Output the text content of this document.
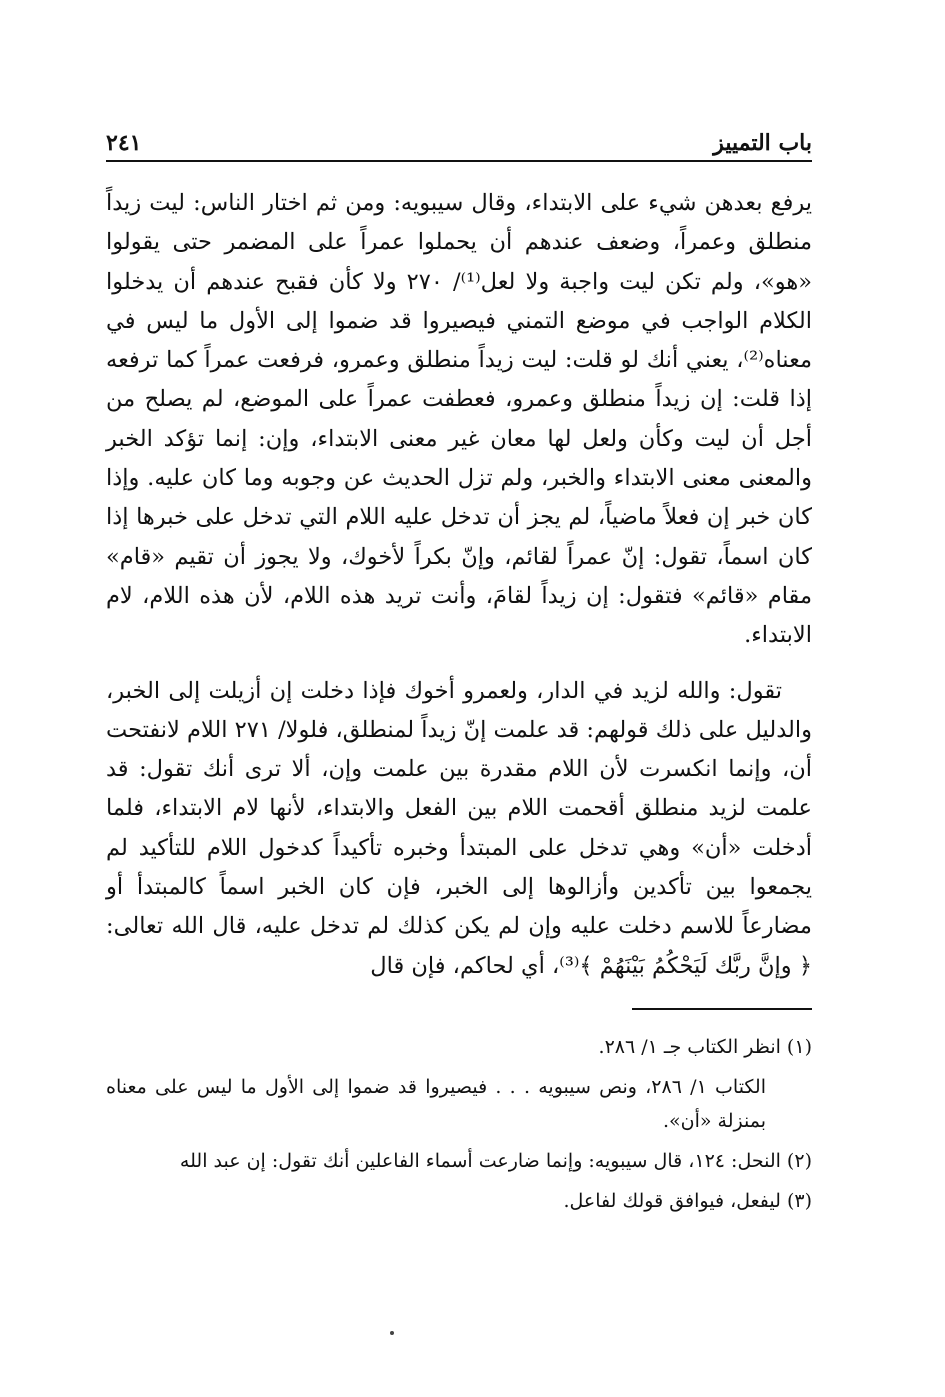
باب التمييز
٢٤١

يرفع بعدهن شيء على الابتداء، وقال سيبويه: ومن ثم اختار الناس: ليت زيداً منطلق وعمراً، وضعف عندهم أن يحملوا عمراً على المضمر حتى يقولوا «هو»، ولم تكن ليت واجبة ولا لعل⁽¹⁾/ ٢٧٠ ولا كأن فقبح عندهم أن يدخلوا الكلام الواجب في موضع التمني فيصيروا قد ضموا إلى الأول ما ليس في معناه⁽²⁾، يعني أنك لو قلت: ليت زيداً منطلق وعمرو، فرفعت عمراً كما ترفعه إذا قلت: إن زيداً منطلق وعمرو، فعطفت عمراً على الموضع، لم يصلح من أجل أن ليت وكأن ولعل لها معان غير معنى الابتداء، وإن: إنما تؤكد الخبر والمعنى معنى الابتداء والخبر، ولم تزل الحديث عن وجوبه وما كان عليه. وإذا كان خبر إن فعلاً ماضياً، لم يجز أن تدخل عليه اللام التي تدخل على خبرها إذا كان اسماً، تقول: إنّ عمراً لقائم، وإنّ بكراً لأخوك، ولا يجوز أن تقيم «قام» مقام «قائم» فتقول: إن زيداً لقامَ، وأنت تريد هذه اللام، لأن هذه اللام، لام الابتداء.

تقول: والله لزيد في الدار، ولعمرو أخوك فإذا دخلت إن أزيلت إلى الخبر، والدليل على ذلك قولهم: قد علمت إنّ زيداً لمنطلق، فلولا/ ٢٧١ اللام لانفتحت أن، وإنما انكسرت لأن اللام مقدرة بين علمت وإن، ألا ترى أنك تقول: قد علمت لزيد منطلق أقحمت اللام بين الفعل والابتداء، لأنها لام الابتداء، فلما أدخلت «أن» وهي تدخل على المبتدأ وخبره تأكيداً كدخول اللام للتأكيد لم يجمعوا بين تأكدين وأزالوها إلى الخبر، فإن كان الخبر اسماً كالمبتدأ أو مضارعاً للاسم دخلت عليه وإن لم يكن كذلك لم تدخل عليه، قال الله تعالى: ﴿ وإنَّ ربَّك لَيَحْكُمُ بَيْنَهُمْ ﴾⁽³⁾، أي لحاكم، فإن قال

(١) انظر الكتاب جـ ١/ ٢٨٦.

الكتاب ١/ ٢٨٦، ونص سيبويه . . . فيصيروا قد ضموا إلى الأول ما ليس على معناه بمنزلة «أن».

(٢) النحل: ١٢٤، قال سيبويه: وإنما ضارعت أسماء الفاعلين أنك تقول: إن عبد الله

(٣) ليفعل، فيوافق قولك لفاعل.
